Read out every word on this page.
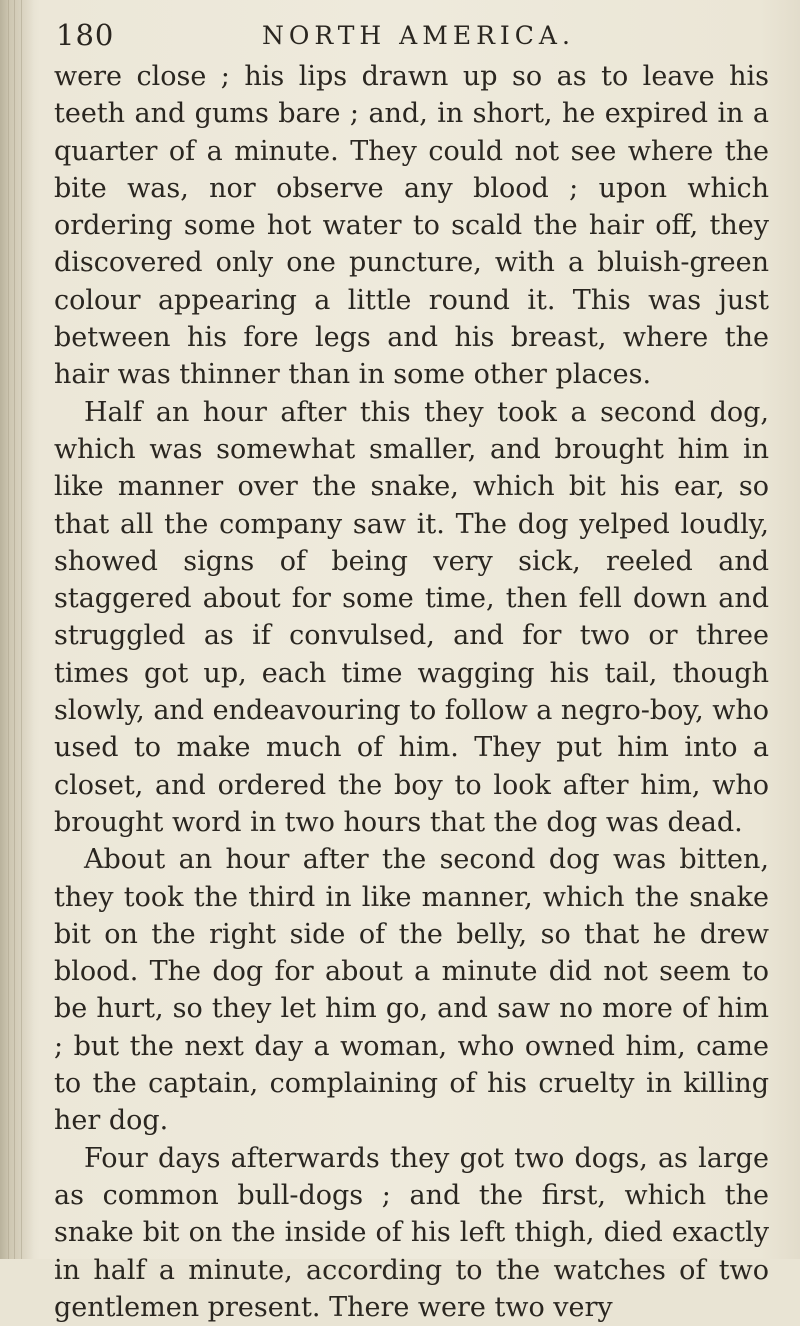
180	NORTH AMERICA.

were close ; his lips drawn up so as to leave his teeth and gums bare ; and, in short, he expired in a quarter of a minute. They could not see where the bite was, nor observe any blood ; upon which ordering some hot water to scald the hair off, they discovered only one puncture, with a bluish-green colour appearing a little round it. This was just between his fore legs and his breast, where the hair was thinner than in some other places.

Half an hour after this they took a second dog, which was somewhat smaller, and brought him in like manner over the snake, which bit his ear, so that all the company saw it. The dog yelped loudly, showed signs of being very sick, reeled and staggered about for some time, then fell down and struggled as if convulsed, and for two or three times got up, each time wagging his tail, though slowly, and endeavouring to follow a negro-boy, who used to make much of him. They put him into a closet, and ordered the boy to look after him, who brought word in two hours that the dog was dead.

About an hour after the second dog was bitten, they took the third in like manner, which the snake bit on the right side of the belly, so that he drew blood. The dog for about a minute did not seem to be hurt, so they let him go, and saw no more of him ; but the next day a woman, who owned him, came to the captain, complaining of his cruelty in killing her dog.

Four days afterwards they got two dogs, as large as common bull-dogs ; and the first, which the snake bit on the inside of his left thigh, died exactly in half a minute, according to the watches of two gentlemen present. There were two very
